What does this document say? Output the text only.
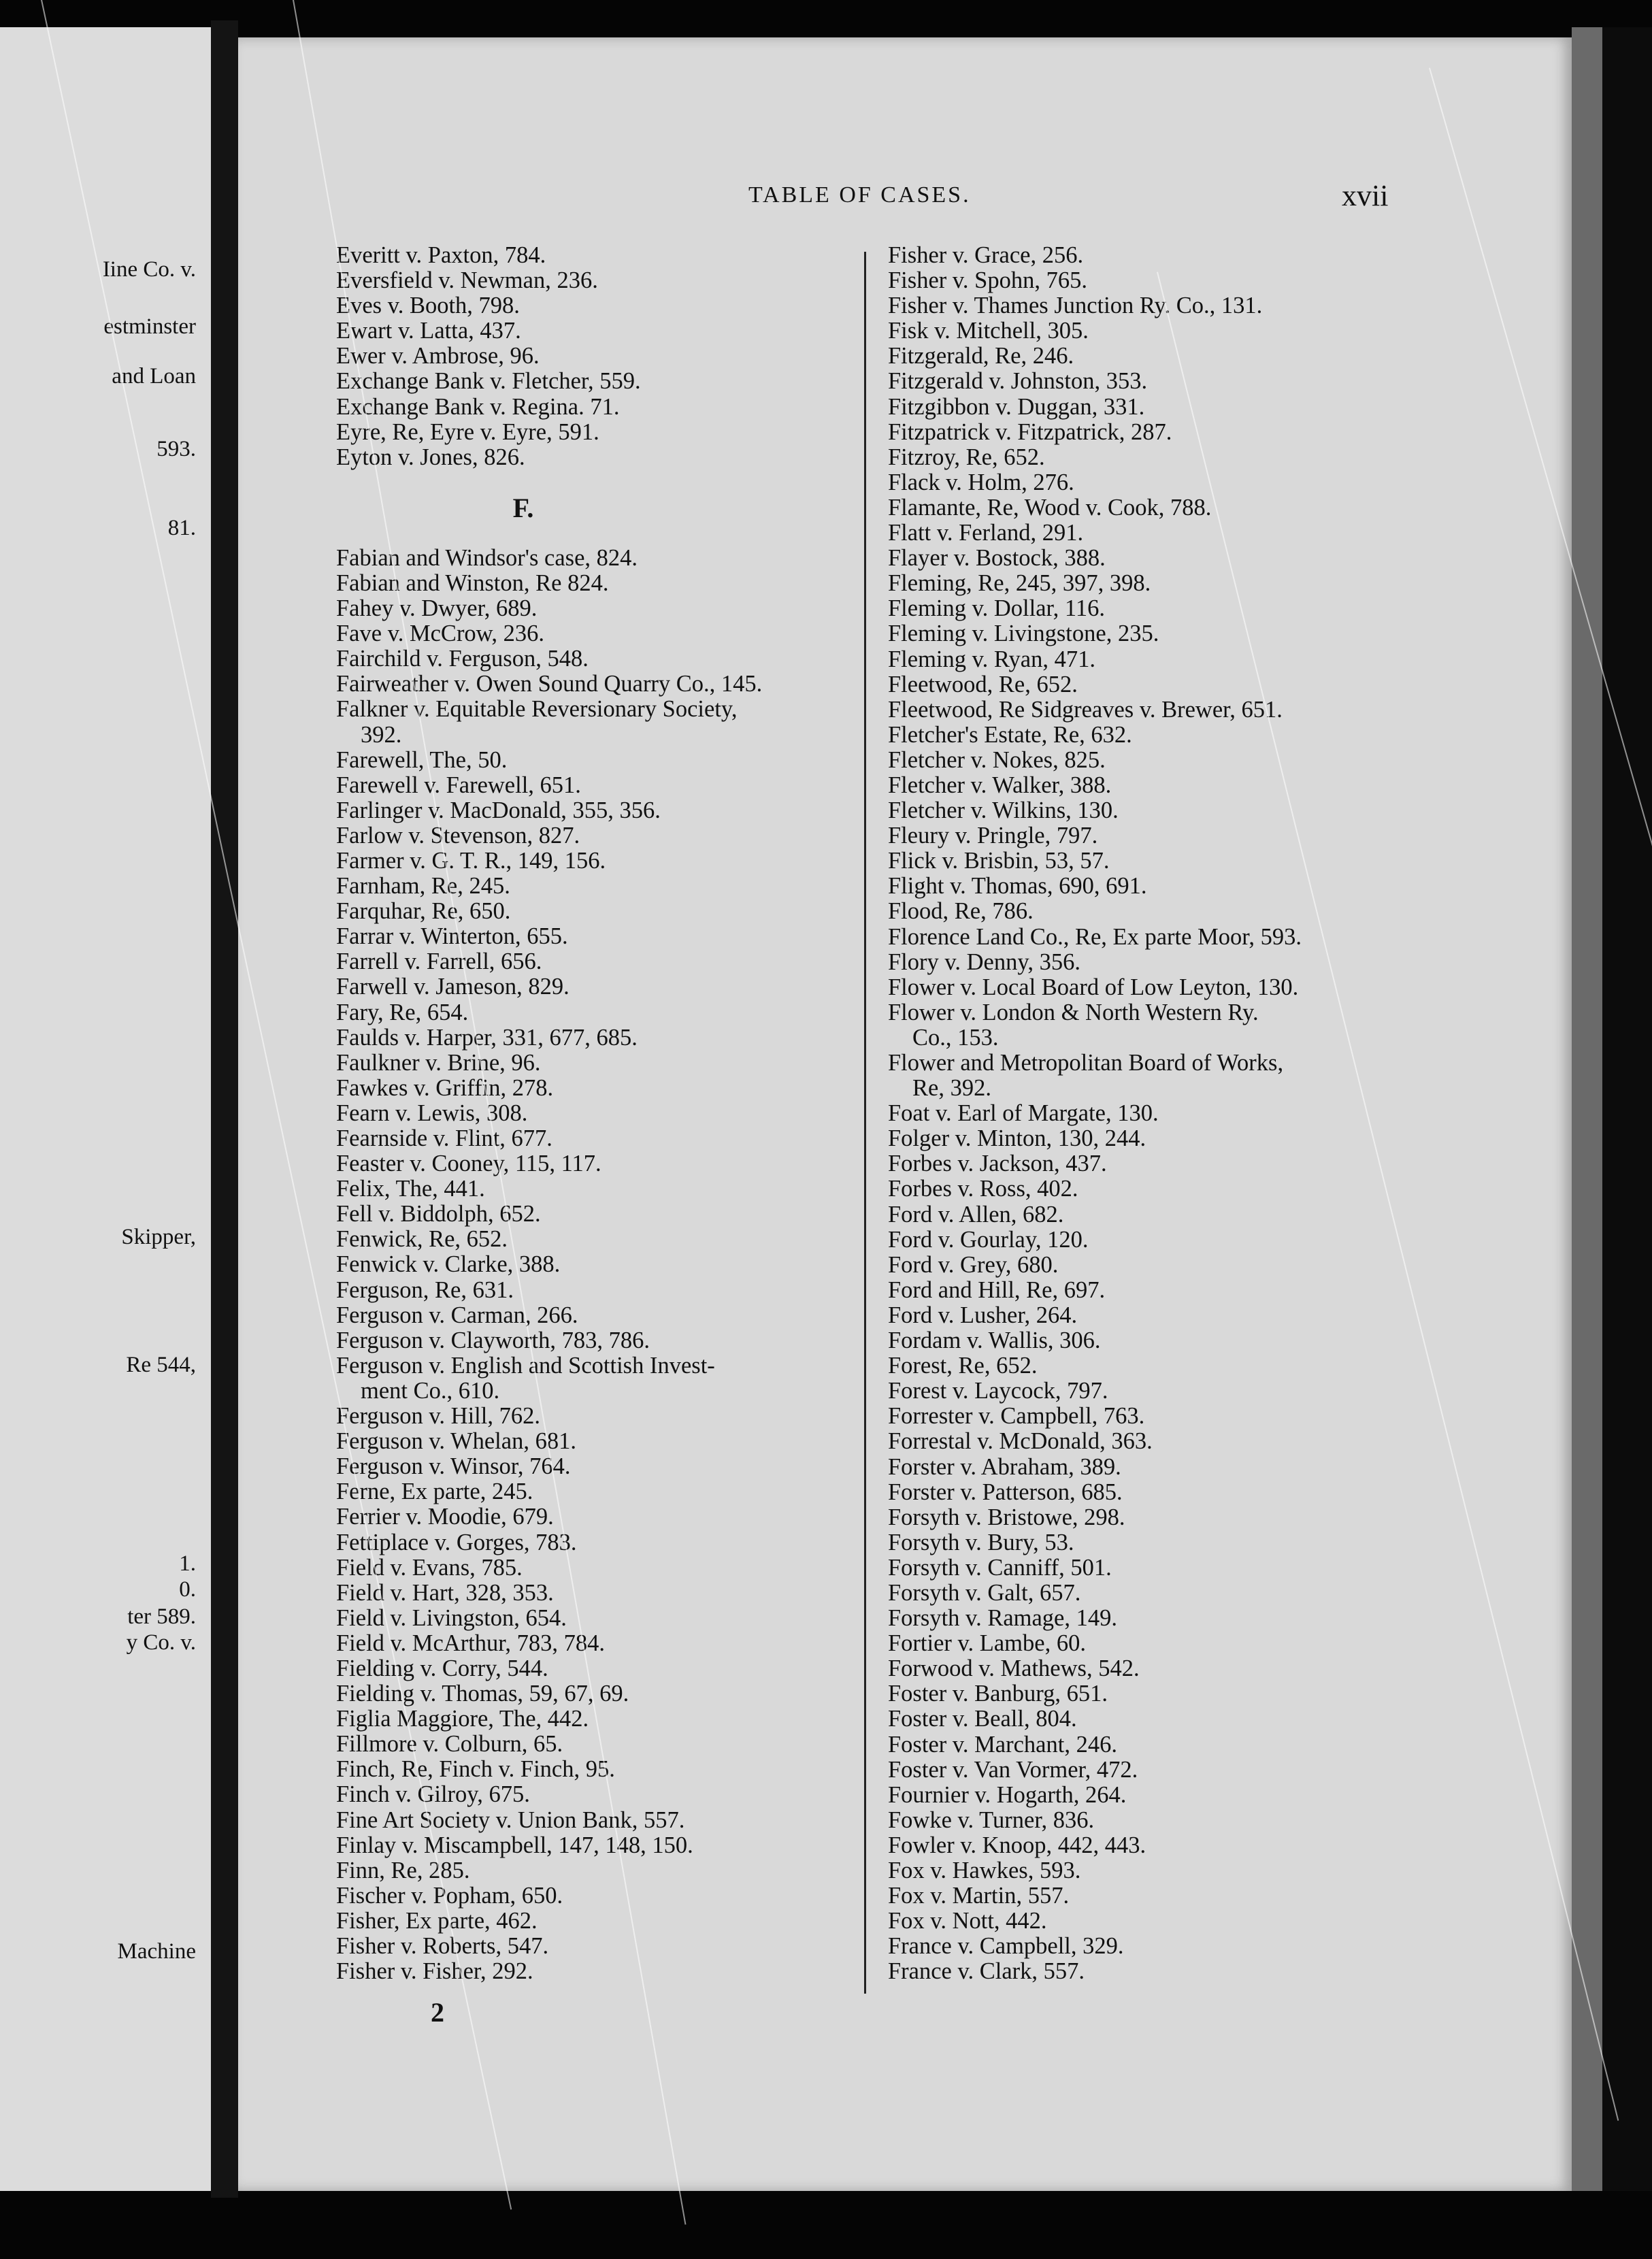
Iine Co. v.
estminster
and Loan
593.
81.
Skipper,
Re 544,
1.
0.
ter 589.
y Co. v.
Machine
TABLE OF CASES.	xvii
Everitt v. Paxton, 784.
Eversfield v. Newman, 236.
Eves v. Booth, 798.
Ewart v. Latta, 437.
Ewer v. Ambrose, 96.
Exchange Bank v. Fletcher, 559.
Exchange Bank v. Regina. 71.
Eyre, Re, Eyre v. Eyre, 591.
Eyton v. Jones, 826.
F.
Fabian and Windsor's case, 824.
Fabian and Winston, Re 824.
Fahey v. Dwyer, 689.
Fave v. McCrow, 236.
Fairchild v. Ferguson, 548.
Fairweather v. Owen Sound Quarry Co., 145.
Falkner v. Equitable Reversionary Society,
392.
Farewell, The, 50.
Farewell v. Farewell, 651.
Farlinger v. MacDonald, 355, 356.
Farlow v. Stevenson, 827.
Farmer v. G. T. R., 149, 156.
Farnham, Re, 245.
Farquhar, Re, 650.
Farrar v. Winterton, 655.
Farrell v. Farrell, 656.
Farwell v. Jameson, 829.
Fary, Re, 654.
Faulds v. Harper, 331, 677, 685.
Faulkner v. Brine, 96.
Fawkes v. Griffin, 278.
Fearn v. Lewis, 308.
Fearnside v. Flint, 677.
Feaster v. Cooney, 115, 117.
Felix, The, 441.
Fell v. Biddolph, 652.
Fenwick, Re, 652.
Fenwick v. Clarke, 388.
Ferguson, Re, 631.
Ferguson v. Carman, 266.
Ferguson v. Clayworth, 783, 786.
Ferguson v. English and Scottish Invest-
ment Co., 610.
Ferguson v. Hill, 762.
Ferguson v. Whelan, 681.
Ferguson v. Winsor, 764.
Ferne, Ex parte, 245.
Ferrier v. Moodie, 679.
Fettiplace v. Gorges, 783.
Field v. Evans, 785.
Field v. Hart, 328, 353.
Field v. Livingston, 654.
Field v. McArthur, 783, 784.
Fielding v. Corry, 544.
Fielding v. Thomas, 59, 67, 69.
Figlia Maggiore, The, 442.
Fillmore v. Colburn, 65.
Finch, Re, Finch v. Finch, 95.
Finch v. Gilroy, 675.
Fine Art Society v. Union Bank, 557.
Finlay v. Miscampbell, 147, 148, 150.
Finn, Re, 285.
Fischer v. Popham, 650.
Fisher, Ex parte, 462.
Fisher v. Roberts, 547.
Fisher v. Fisher, 292.
Fisher v. Grace, 256.
Fisher v. Spohn, 765.
Fisher v. Thames Junction Ry. Co., 131.
Fisk v. Mitchell, 305.
Fitzgerald, Re, 246.
Fitzgerald v. Johnston, 353.
Fitzgibbon v. Duggan, 331.
Fitzpatrick v. Fitzpatrick, 287.
Fitzroy, Re, 652.
Flack v. Holm, 276.
Flamante, Re, Wood v. Cook, 788.
Flatt v. Ferland, 291.
Flayer v. Bostock, 388.
Fleming, Re, 245, 397, 398.
Fleming v. Dollar, 116.
Fleming v. Livingstone, 235.
Fleming v. Ryan, 471.
Fleetwood, Re, 652.
Fleetwood, Re Sidgreaves v. Brewer, 651.
Fletcher's Estate, Re, 632.
Fletcher v. Nokes, 825.
Fletcher v. Walker, 388.
Fletcher v. Wilkins, 130.
Fleury v. Pringle, 797.
Flick v. Brisbin, 53, 57.
Flight v. Thomas, 690, 691.
Flood, Re, 786.
Florence Land Co., Re, Ex parte Moor, 593.
Flory v. Denny, 356.
Flower v. Local Board of Low Leyton, 130.
Flower v. London & North Western Ry.
Co., 153.
Flower and Metropolitan Board of Works,
Re, 392.
Foat v. Earl of Margate, 130.
Folger v. Minton, 130, 244.
Forbes v. Jackson, 437.
Forbes v. Ross, 402.
Ford v. Allen, 682.
Ford v. Gourlay, 120.
Ford v. Grey, 680.
Ford and Hill, Re, 697.
Ford v. Lusher, 264.
Fordam v. Wallis, 306.
Forest, Re, 652.
Forest v. Laycock, 797.
Forrester v. Campbell, 763.
Forrestal v. McDonald, 363.
Forster v. Abraham, 389.
Forster v. Patterson, 685.
Forsyth v. Bristowe, 298.
Forsyth v. Bury, 53.
Forsyth v. Canniff, 501.
Forsyth v. Galt, 657.
Forsyth v. Ramage, 149.
Fortier v. Lambe, 60.
Forwood v. Mathews, 542.
Foster v. Banburg, 651.
Foster v. Beall, 804.
Foster v. Marchant, 246.
Foster v. Van Vormer, 472.
Fournier v. Hogarth, 264.
Fowke v. Turner, 836.
Fowler v. Knoop, 442, 443.
Fox v. Hawkes, 593.
Fox v. Martin, 557.
Fox v. Nott, 442.
France v. Campbell, 329.
France v. Clark, 557.
2
